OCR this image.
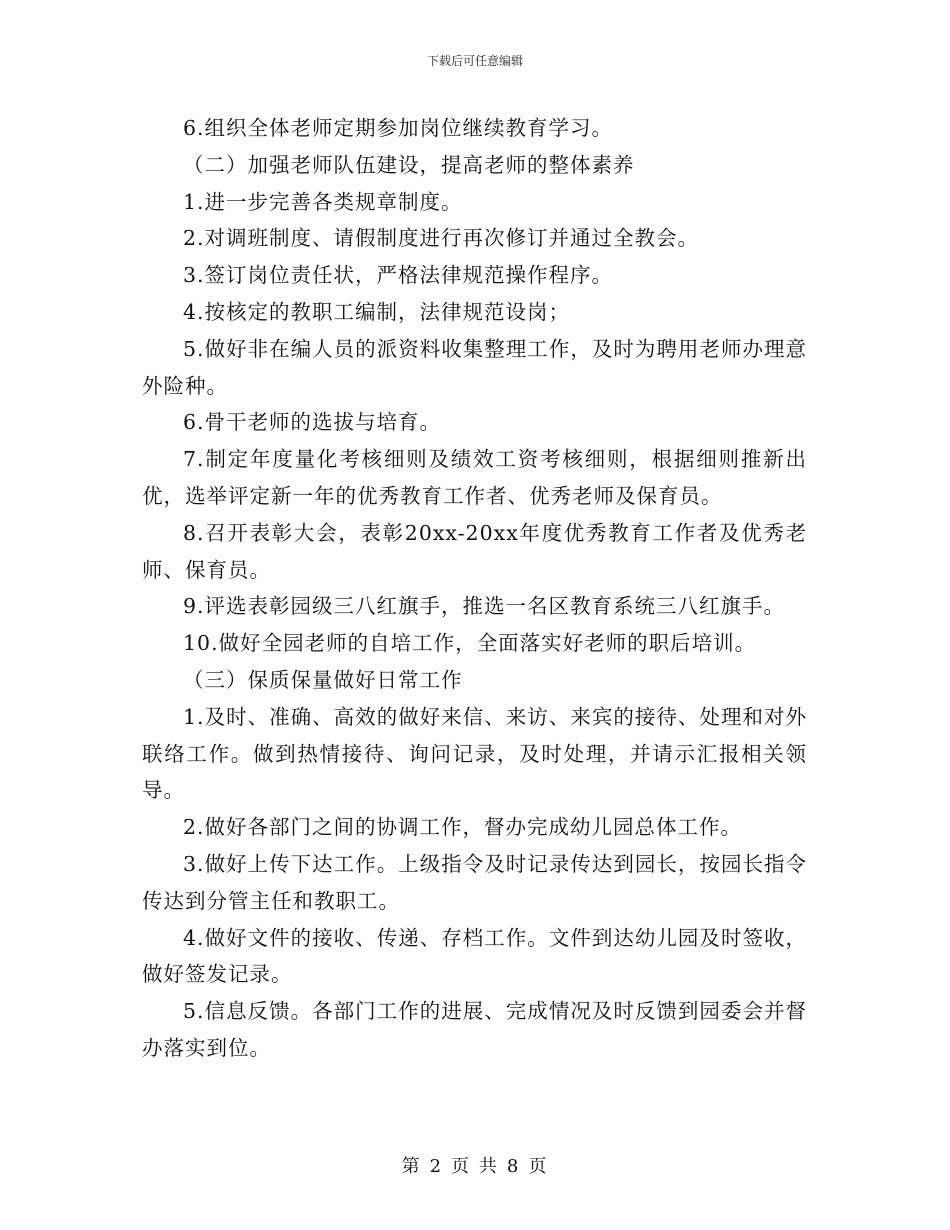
下载后可任意编辑

6.组织全体老师定期参加岗位继续教育学习。

（二）加强老师队伍建设，提高老师的整体素养

1.进一步完善各类规章制度。

2.对调班制度、请假制度进行再次修订并通过全教会。

3.签订岗位责任状，严格法律规范操作程序。

4.按核定的教职工编制，法律规范设岗；

5.做好非在编人员的派资料收集整理工作，及时为聘用老师办理意外险种。

6.骨干老师的选拔与培育。

7.制定年度量化考核细则及绩效工资考核细则，根据细则推新出优，选举评定新一年的优秀教育工作者、优秀老师及保育员。

8.召开表彰大会，表彰20xx-20xx年度优秀教育工作者及优秀老师、保育员。

9.评选表彰园级三八红旗手，推选一名区教育系统三八红旗手。

10.做好全园老师的自培工作，全面落实好老师的职后培训。

（三）保质保量做好日常工作

1.及时、准确、高效的做好来信、来访、来宾的接待、处理和对外联络工作。做到热情接待、询问记录，及时处理，并请示汇报相关领导。

2.做好各部门之间的协调工作，督办完成幼儿园总体工作。

3.做好上传下达工作。上级指令及时记录传达到园长，按园长指令传达到分管主任和教职工。

4.做好文件的接收、传递、存档工作。文件到达幼儿园及时签收，做好签发记录。

5.信息反馈。各部门工作的进展、完成情况及时反馈到园委会并督办落实到位。

第 2 页 共 8 页
